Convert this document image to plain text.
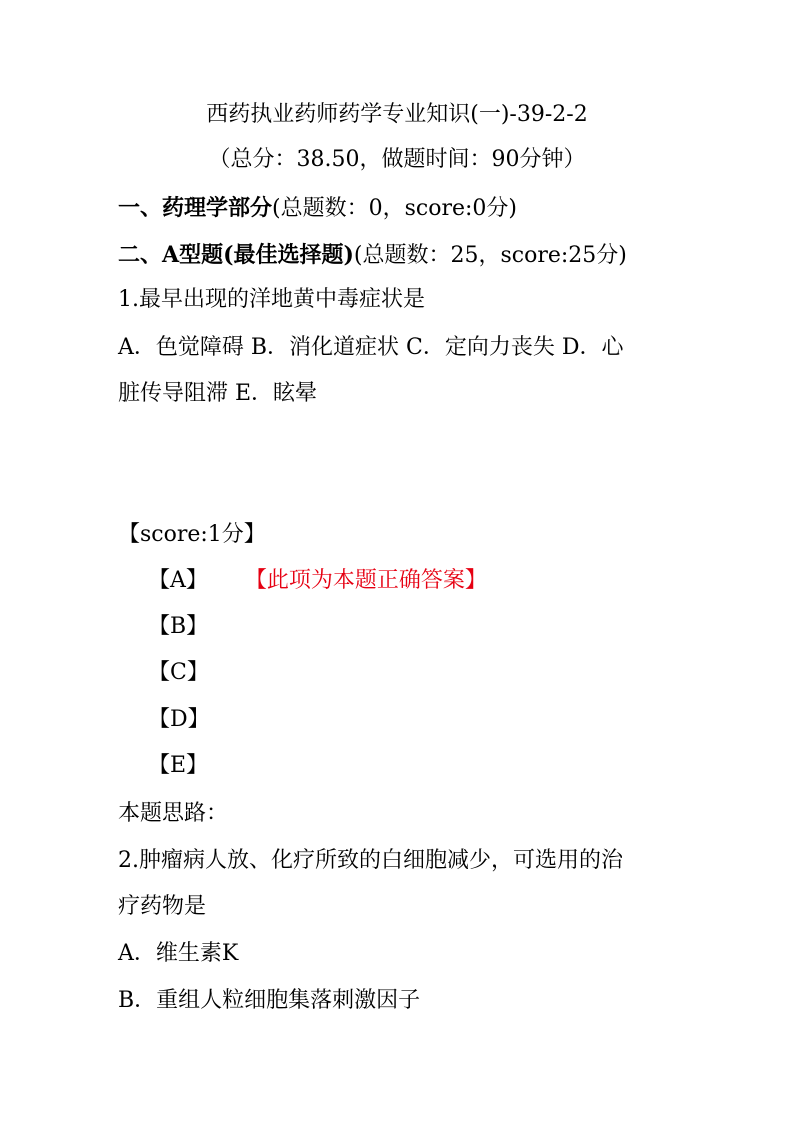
西药执业药师药学专业知识(一)-39-2-2
（总分：38.50，做题时间：90分钟）
一、药理学部分(总题数：0，score:0分)
二、A型题(最佳选择题)(总题数：25，score:25分)
1.最早出现的洋地黄中毒症状是
A．色觉障碍 B．消化道症状 C．定向力丧失 D．心
脏传导阻滞 E．眩晕
【score:1分】
【A】 【此项为本题正确答案】
【B】
【C】
【D】
【E】
本题思路：
2.肿瘤病人放、化疗所致的白细胞减少，可选用的治
疗药物是
A．维生素K
B．重组人粒细胞集落刺激因子
